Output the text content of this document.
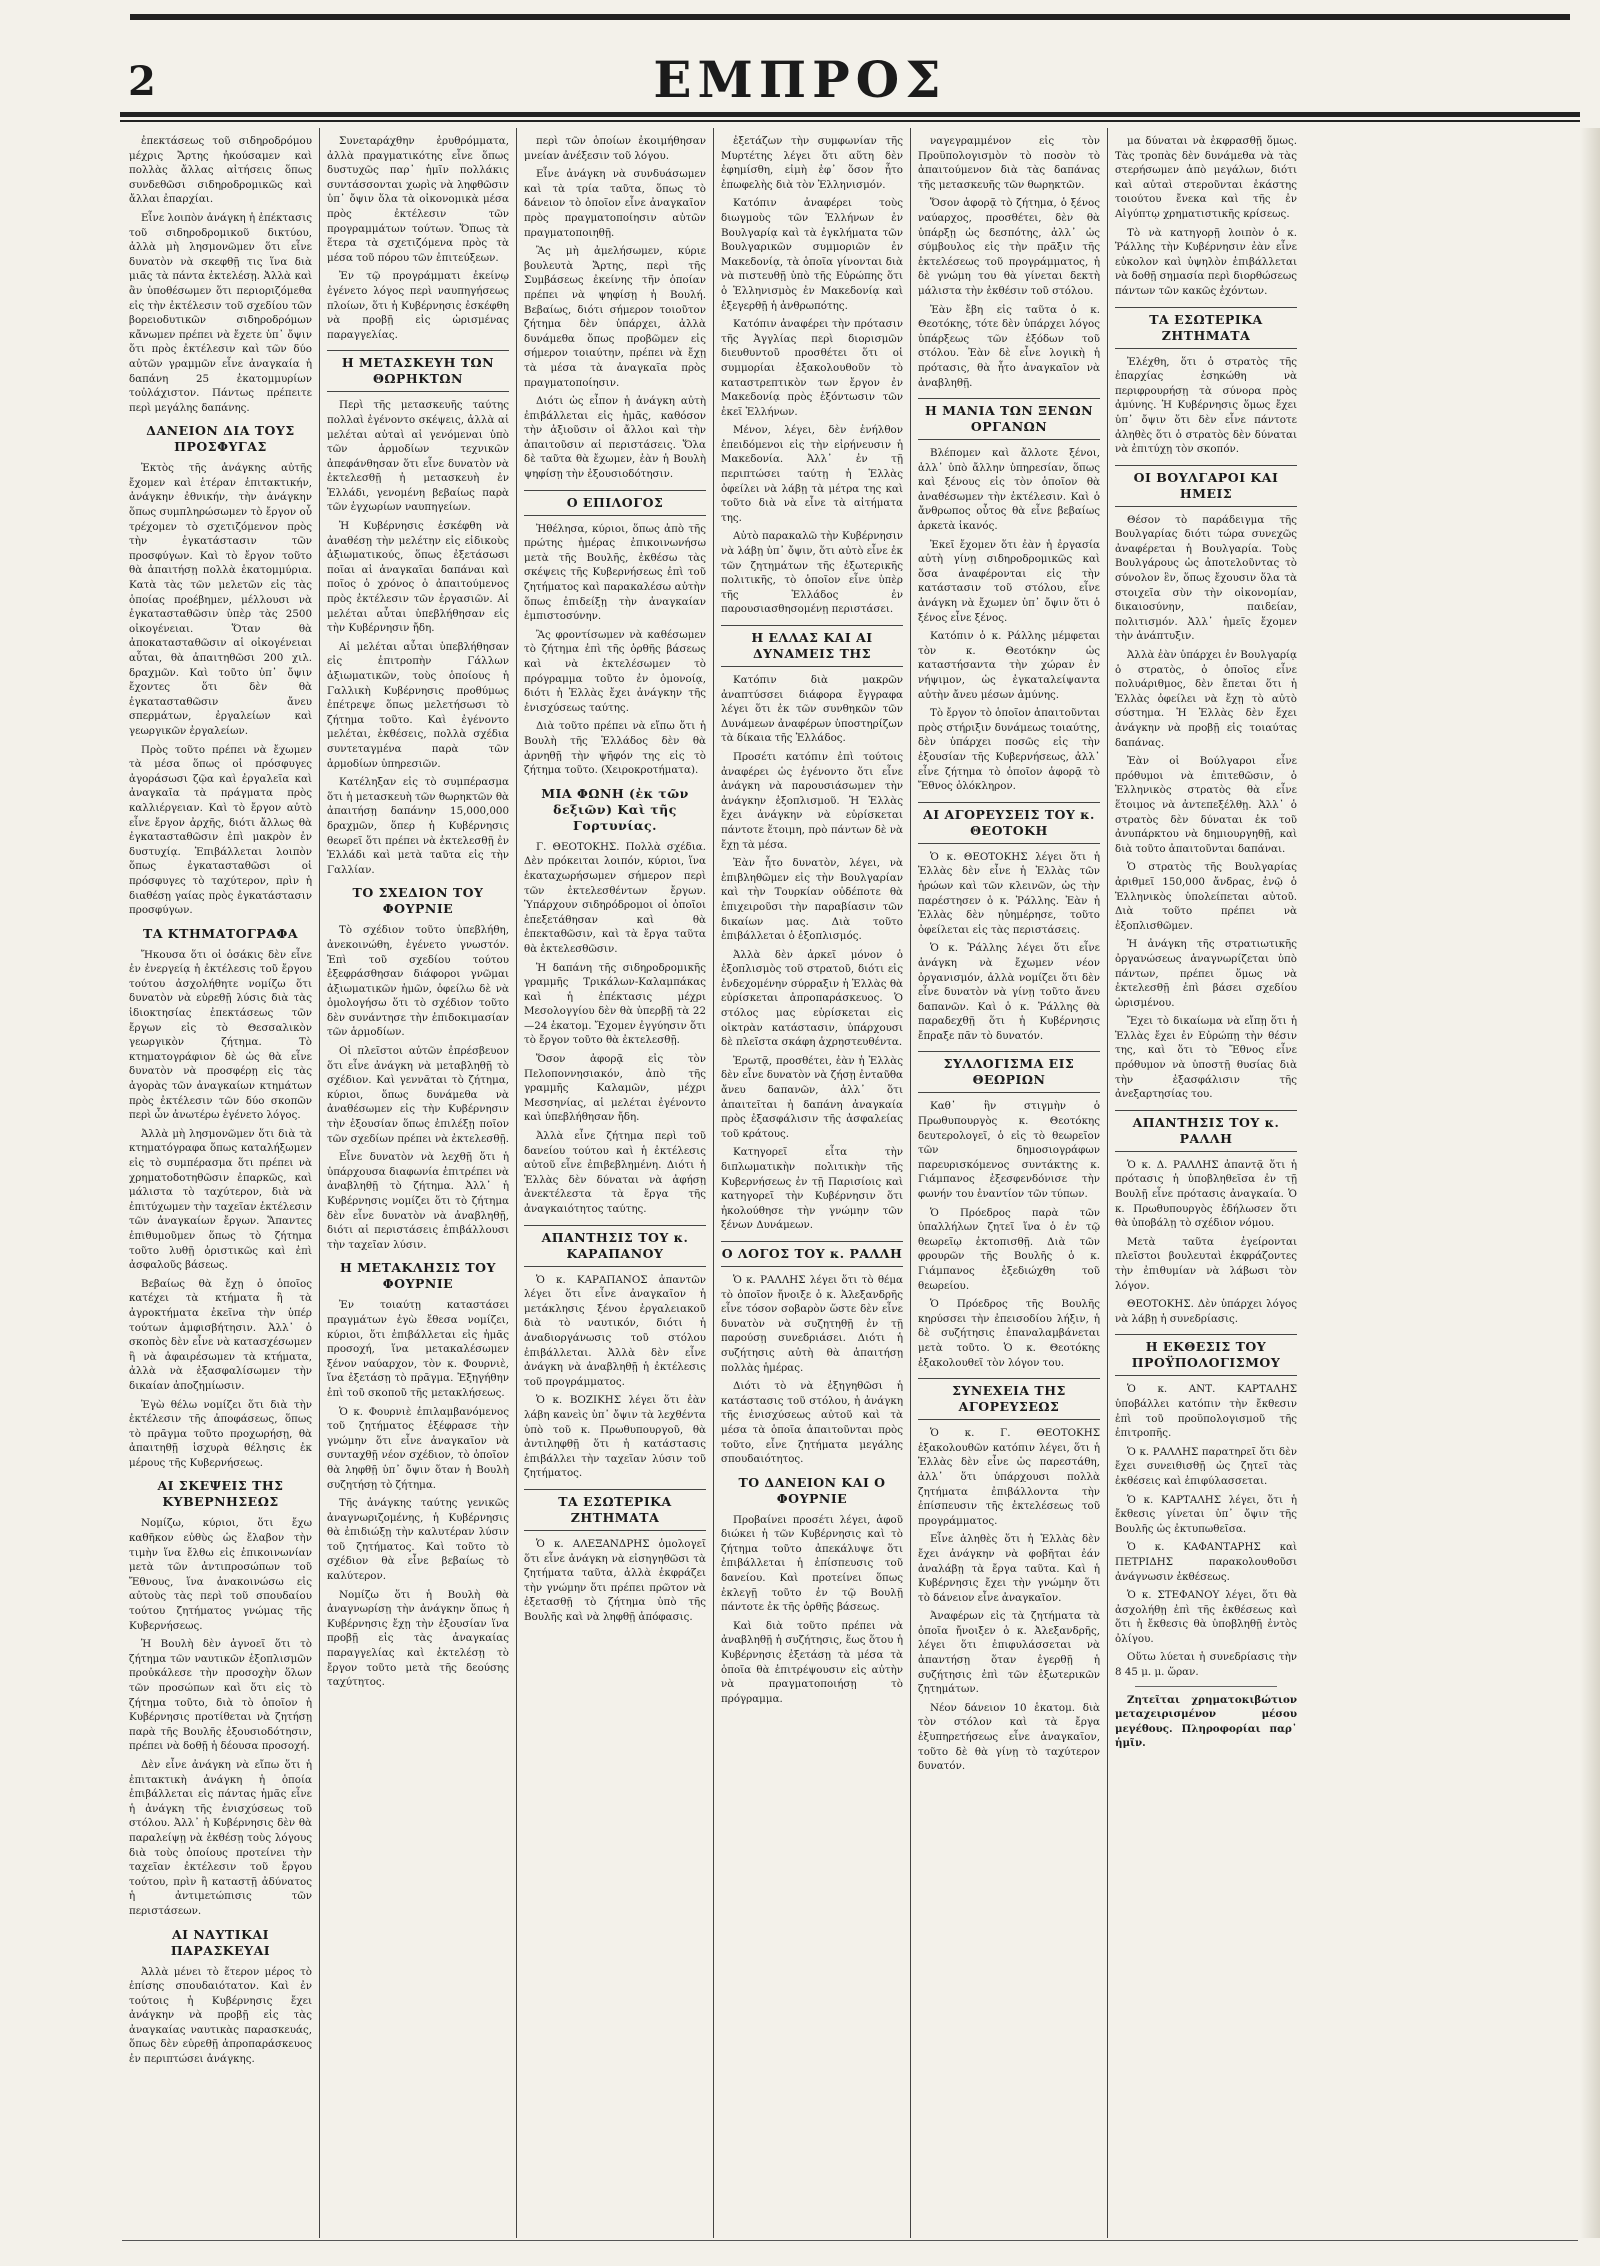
2	ΕΜΠΡΟΣ

ἐπεκτάσεως τοῦ σιδηροδρόμου μέχρις Ἄρτης ἠκούσαμεν καὶ πολλὰς ἄλλας αἰτήσεις ὅπως συνδεθῶσι σιδηροδρομικῶς καὶ ἄλλαι ἐπαρχίαι.

Εἶνε λοιπὸν ἀνάγκη ἡ ἐπέκτασις τοῦ σιδηροδρομικοῦ δικτύου, ἀλλὰ μὴ λησμονῶμεν ὅτι εἶνε δυνατὸν νὰ σκεφθῇ τις ἵνα διὰ μιᾶς τὰ πάντα ἐκτελέσῃ. Ἀλλὰ καὶ ἂν ὑποθέσωμεν ὅτι περιοριζόμεθα εἰς τὴν ἐκτέλεσιν τοῦ σχεδίου τῶν βορειοδυτικῶν σιδηροδρόμων κἄνωμεν πρέπει νὰ ἔχετε ὑπ᾽ ὄψιν ὅτι πρὸς ἐκτέλεσιν καὶ τῶν δύο αὐτῶν γραμμῶν εἶνε ἀναγκαία ἡ δαπάνη 25 ἑκατομμυρίων τοὐλάχιστον. Πάντως πρέπειτε περὶ μεγάλης δαπάνης.

ΔΑΝΕΙΟΝ ΔΙΑ ΤΟΥΣ ΠΡΟΣΦΥΓΑΣ

Ἐκτὸς τῆς ἀνάγκης αὐτῆς ἔχομεν καὶ ἑτέραν ἐπιτακτικήν, ἀνάγκην ἐθνικήν, τὴν ἀνάγκην ὅπως συμπληρώσωμεν τὸ ἔργον οὗ τρέχομεν τὸ σχετιζόμενον πρὸς τὴν ἐγκατάστασιν τῶν προσφύγων. Καὶ τὸ ἔργον τοῦτο θὰ ἀπαιτήσῃ πολλὰ ἑκατομμύρια. Κατὰ τὰς τῶν μελετῶν εἰς τὰς ὁποίας προέβημεν, μέλλουσι νὰ ἐγκατασταθῶσιν ὑπὲρ τὰς 2500 οἰκογένειαι. Ὅταν θὰ ἀποκατασταθῶσιν αἱ οἰκογένειαι αὗται, θὰ ἀπαιτηθῶσι 200 χιλ. δραχμῶν. Καὶ τοῦτο ὑπ᾽ ὄψιν ἔχοντες ὅτι δὲν θὰ ἐγκατασταθῶσιν ἄνευ σπερμάτων, ἐργαλείων καὶ γεωργικῶν ἐργαλείων.

Πρὸς τοῦτο πρέπει νὰ ἔχωμεν τὰ μέσα ὅπως οἱ πρόσφυγες ἀγοράσωσι ζῷα καὶ ἐργαλεῖα καὶ ἀναγκαῖα τὰ πράγματα πρὸς καλλιέργειαν. Καὶ τὸ ἔργον αὐτὸ εἶνε ἔργον ἀρχῆς, διότι ἄλλως θὰ ἐγκατασταθῶσιν ἐπὶ μακρὸν ἐν δυστυχίᾳ. Ἐπιβάλλεται λοιπὸν ὅπως ἐγκατασταθῶσι οἱ πρόσφυγες τὸ ταχύτερον, πρὶν ἡ διαθέσῃ γαίας πρὸς ἐγκατάστασιν προσφύγων.

ΤΑ ΚΤΗΜΑΤΟΓΡΑΦΑ

Ἤκουσα ὅτι οἱ ὁσάκις δὲν εἶνε ἐν ἐνεργείᾳ ἡ ἐκτέλεσις τοῦ ἔργου τούτου ἀσχολήθητε νομίζω ὅτι δυνατὸν νὰ εὑρεθῇ λύσις διὰ τὰς ἰδιοκτησίας ἐπεκτάσεως τῶν ἔργων εἰς τὸ Θεσσαλικὸν γεωργικὸν ζήτημα. Τὸ κτηματογράφιον δὲ ὡς θὰ εἶνε δυνατὸν νὰ προσφέρῃ εἰς τὰς ἀγορὰς τῶν ἀναγκαίων κτημάτων πρὸς ἐκτέλεσιν τῶν δύο σκοπῶν περὶ ὧν ἀνωτέρω ἐγένετο λόγος.

Ἀλλὰ μὴ λησμονῶμεν ὅτι διὰ τὰ κτηματόγραφα ὅπως καταλήξωμεν εἰς τὸ συμπέρασμα ὅτι πρέπει νὰ χρηματοδοτηθῶσιν ἐπαρκῶς, καὶ μάλιστα τὸ ταχύτερον, διὰ νὰ ἐπιτύχωμεν τὴν ταχεῖαν ἐκτέλεσιν τῶν ἀναγκαίων ἔργων. Ἅπαντες ἐπιθυμοῦμεν ὅπως τὸ ζήτημα τοῦτο λυθῇ ὁριστικῶς καὶ ἐπὶ ἀσφαλοῦς βάσεως.

Βεβαίως θὰ ἔχῃ ὁ ὁποῖος κατέχει τὰ κτήματα ἢ τὰ ἀγροκτήματα ἐκεῖνα τὴν ὑπέρ τούτων ἀμφισβήτησιν. Ἀλλ᾽ ὁ σκοπὸς δὲν εἶνε νὰ κατασχέσωμεν ἢ νὰ ἀφαιρέσωμεν τὰ κτήματα, ἀλλὰ νὰ ἐξασφαλίσωμεν τὴν δικαίαν ἀποζημίωσιν.

Ἐγὼ θέλω νομίζει ὅτι διὰ τὴν ἐκτέλεσιν τῆς ἀποφάσεως, ὅπως τὸ πρᾶγμα τοῦτο προχωρήσῃ, θὰ ἀπαιτηθῇ ἰσχυρὰ θέλησις ἐκ μέρους τῆς Κυβερνήσεως.

ΑΙ ΣΚΕΨΕΙΣ ΤΗΣ ΚΥΒΕΡΝΗΣΕΩΣ

Νομίζω, κύριοι, ὅτι ἔχω καθῆκον εὐθὺς ὡς ἔλαβον τὴν τιμὴν ἵνα ἔλθω εἰς ἐπικοινωνίαν μετὰ τῶν ἀντιπροσώπων τοῦ Ἔθνους, ἵνα ἀνακοινώσω εἰς αὐτοὺς τὰς περὶ τοῦ σπουδαίου τούτου ζητήματος γνώμας τῆς Κυβερνήσεως.

Ἡ Βουλὴ δὲν ἀγνοεῖ ὅτι τὸ ζήτημα τῶν ναυτικῶν ἐξοπλισμῶν προὐκάλεσε τὴν προσοχὴν ὅλων τῶν προσώπων καὶ ὅτι εἰς τὸ ζήτημα τοῦτο, διὰ τὸ ὁποῖον ἡ Κυβέρνησις προτίθεται νὰ ζητήσῃ παρὰ τῆς Βουλῆς ἐξουσιοδότησιν, πρέπει νὰ δοθῇ ἡ δέουσα προσοχή.

Δὲν εἶνε ἀνάγκη νὰ εἴπω ὅτι ἡ ἐπιτακτικὴ ἀνάγκη ἡ ὁποία ἐπιβάλλεται εἰς πάντας ἡμᾶς εἶνε ἡ ἀνάγκη τῆς ἐνισχύσεως τοῦ στόλου. Ἀλλ᾽ ἡ Κυβέρνησις δὲν θὰ παραλείψῃ νὰ ἐκθέσῃ τοὺς λόγους διὰ τοὺς ὁποίους προτείνει τὴν ταχεῖαν ἐκτέλεσιν τοῦ ἔργου τούτου, πρὶν ἢ καταστῇ ἀδύνατος ἡ ἀντιμετώπισις τῶν περιστάσεων.

ΑΙ ΝΑΥΤΙΚΑΙ ΠΑΡΑΣΚΕΥΑΙ

Ἀλλὰ μένει τὸ ἕτερον μέρος τὸ ἐπίσης σπουδαιότατον. Καὶ ἐν τούτοις ἡ Κυβέρνησις ἔχει ἀνάγκην νὰ προβῇ εἰς τὰς ἀναγκαίας ναυτικὰς παρασκευάς, ὅπως δὲν εὑρεθῇ ἀπροπαράσκευος ἐν περιπτώσει ἀνάγκης.

Συνεταράχθην ἐρυθρόμματα, ἀλλὰ πραγματικότης εἶνε ὅπως δυστυχῶς παρ᾽ ἡμῖν πολλάκις συντάσσονται χωρὶς νὰ ληφθῶσιν ὑπ᾽ ὄψιν ὅλα τὰ οἰκονομικὰ μέσα πρὸς ἐκτέλεσιν τῶν προγραμμάτων τούτων. Ὅπως τὰ ἕτερα τὰ σχετιζόμενα πρὸς τὰ μέσα τοῦ πόρου τῶν ἐπιτεύξεων.

Ἐν τῷ προγράμματι ἐκείνῳ ἐγένετο λόγος περὶ ναυπηγήσεως πλοίων, ὅτι ἡ Κυβέρνησις ἐσκέφθη νὰ προβῇ εἰς ὡρισμένας παραγγελίας.

Η ΜΕΤΑΣΚΕΥΗ ΤΩΝ ΘΩΡΗΚΤΩΝ

Περὶ τῆς μετασκευῆς ταύτης πολλαὶ ἐγένοντο σκέψεις, ἀλλὰ αἱ μελέται αὐταὶ αἱ γενόμεναι ὑπὸ τῶν ἁρμοδίων τεχνικῶν ἀπεφάνθησαν ὅτι εἶνε δυνατὸν νὰ ἐκτελεσθῇ ἡ μετασκευὴ ἐν Ἑλλάδι, γενομένη βεβαίως παρὰ τῶν ἐγχωρίων ναυπηγείων.

Ἡ Κυβέρνησις ἐσκέφθη νὰ ἀναθέσῃ τὴν μελέτην εἰς εἰδικοὺς ἀξιωματικούς, ὅπως ἐξετάσωσι ποῖαι αἱ ἀναγκαῖαι δαπάναι καὶ ποῖος ὁ χρόνος ὁ ἀπαιτούμενος πρὸς ἐκτέλεσιν τῶν ἐργασιῶν. Αἱ μελέται αὗται ὑπεβλήθησαν εἰς τὴν Κυβέρνησιν ἤδη.

Αἱ μελέται αὗται ὑπεβλήθησαν εἰς ἐπιτροπὴν Γάλλων ἀξιωματικῶν, τοὺς ὁποίους ἡ Γαλλικὴ Κυβέρνησις προθύμως ἐπέτρεψε ὅπως μελετήσωσι τὸ ζήτημα τοῦτο. Καὶ ἐγένοντο μελέται, ἐκθέσεις, πολλὰ σχέδια συντεταγμένα παρὰ τῶν ἁρμοδίων ὑπηρεσιῶν.

Κατέληξαν εἰς τὸ συμπέρασμα ὅτι ἡ μετασκευὴ τῶν θωρηκτῶν θὰ ἀπαιτήσῃ δαπάνην 15,000,000 δραχμῶν, ὅπερ ἡ Κυβέρνησις θεωρεῖ ὅτι πρέπει νὰ ἐκτελεσθῇ ἐν Ἑλλάδι καὶ μετὰ ταῦτα εἰς τὴν Γαλλίαν.

ΤΟ ΣΧΕΔΙΟΝ ΤΟΥ ΦΟΥΡΝΙΕ

Τὸ σχέδιον τοῦτο ὑπεβλήθη, ἀνεκοινώθη, ἐγένετο γνωστόν. Ἐπὶ τοῦ σχεδίου τούτου ἐξεφράσθησαν διάφοροι γνῶμαι ἀξιωματικῶν ἡμῶν, ὀφείλω δὲ νὰ ὁμολογήσω ὅτι τὸ σχέδιον τοῦτο δὲν συνάντησε τὴν ἐπιδοκιμασίαν τῶν ἁρμοδίων.

Οἱ πλεῖστοι αὐτῶν ἐπρέσβευον ὅτι εἶνε ἀνάγκη νὰ μεταβληθῇ τὸ σχέδιον. Καὶ γεννᾶται τὸ ζήτημα, κύριοι, ὅπως δυνάμεθα νὰ ἀναθέσωμεν εἰς τὴν Κυβέρνησιν τὴν ἐξουσίαν ὅπως ἐπιλέξῃ ποῖον τῶν σχεδίων πρέπει νὰ ἐκτελεσθῇ.

Εἶνε δυνατὸν νὰ λεχθῇ ὅτι ἡ ὑπάρχουσα διαφωνία ἐπιτρέπει νὰ ἀναβληθῇ τὸ ζήτημα. Ἀλλ᾽ ἡ Κυβέρνησις νομίζει ὅτι τὸ ζήτημα δὲν εἶνε δυνατὸν νὰ ἀναβληθῇ, διότι αἱ περιστάσεις ἐπιβάλλουσι τὴν ταχεῖαν λύσιν.

Η ΜΕΤΑΚΛΗΣΙΣ ΤΟΥ ΦΟΥΡΝΙΕ

Ἐν τοιαύτῃ καταστάσει πραγμάτων ἐγὼ ἔθεσα νομίζει, κύριοι, ὅτι ἐπιβάλλεται εἰς ἡμᾶς προσοχή, ἵνα μετακαλέσωμεν ξένον ναύαρχον, τὸν κ. Φουρνιὲ, ἵνα ἐξετάσῃ τὸ πρᾶγμα. Ἐξηγήθην ἐπὶ τοῦ σκοποῦ τῆς μετακλήσεως.

Ὁ κ. Φουρνιὲ ἐπιλαμβανόμενος τοῦ ζητήματος ἐξέφρασε τὴν γνώμην ὅτι εἶνε ἀναγκαῖον νὰ συνταχθῇ νέον σχέδιον, τὸ ὁποῖον θὰ ληφθῇ ὑπ᾽ ὄψιν ὅταν ἡ Βουλὴ συζητήσῃ τὸ ζήτημα.

Τῆς ἀνάγκης ταύτης γενικῶς ἀναγνωριζομένης, ἡ Κυβέρνησις θὰ ἐπιδιώξῃ τὴν καλυτέραν λύσιν τοῦ ζητήματος. Καὶ τοῦτο τὸ σχέδιον θὰ εἶνε βεβαίως τὸ καλύτερον.

Νομίζω ὅτι ἡ Βουλὴ θὰ ἀναγνωρίσῃ τὴν ἀνάγκην ὅπως ἡ Κυβέρνησις ἔχῃ τὴν ἐξουσίαν ἵνα προβῇ εἰς τὰς ἀναγκαίας παραγγελίας καὶ ἐκτελέσῃ τὸ ἔργον τοῦτο μετὰ τῆς δεούσης ταχύτητος.

περὶ τῶν ὁποίων ἐκοιμήθησαν μνείαν ἀνέξεσιν τοῦ λόγου.

Εἶνε ἀνάγκη νὰ συνδυάσωμεν καὶ τὰ τρία ταῦτα, ὅπως τὸ δάνειον τὸ ὁποῖον εἶνε ἀναγκαῖον πρὸς πραγματοποίησιν αὐτῶν πραγματοποιηθῇ.

Ἂς μὴ ἀμελήσωμεν, κύριε βουλευτὰ Ἄρτης, περὶ τῆς Συμβάσεως ἐκείνης τῆν ὁποίαν πρέπει νὰ ψηφίσῃ ἡ Βουλή. Βεβαίως, διότι σήμερον τοιοῦτον ζήτημα δὲν ὑπάρχει, ἀλλὰ δυνάμεθα ὅπως προβῶμεν εἰς σήμερον τοιαύτην, πρέπει νὰ ἔχῃ τὰ μέσα τὰ ἀναγκαῖα πρὸς πραγματοποίησιν.

Διότι ὡς εἶπον ἡ ἀνάγκη αὐτὴ ἐπιβάλλεται εἰς ἡμᾶς, καθόσον τὴν ἀξιοῦσιν οἱ ἄλλοι καὶ τὴν ἀπαιτοῦσιν αἱ περιστάσεις. Ὅλα δὲ ταῦτα θὰ ἔχωμεν, ἐὰν ἡ Βουλὴ ψηφίσῃ τὴν ἐξουσιοδότησιν.

Ο ΕΠΙΛΟΓΟΣ

Ἠθέλησα, κύριοι, ὅπως ἀπὸ τῆς πρώτης ἡμέρας ἐπικοινωνήσω μετὰ τῆς Βουλῆς, ἐκθέσω τὰς σκέψεις τῆς Κυβερνήσεως ἐπὶ τοῦ ζητήματος καὶ παρακαλέσω αὐτὴν ὅπως ἐπιδείξῃ τὴν ἀναγκαίαν ἐμπιστοσύνην.

Ἂς φροντίσωμεν νὰ καθέσωμεν τὸ ζήτημα ἐπὶ τῆς ὀρθῆς βάσεως καὶ νὰ ἐκτελέσωμεν τὸ πρόγραμμα τοῦτο ἐν ὁμονοίᾳ, διότι ἡ Ἑλλὰς ἔχει ἀνάγκην τῆς ἐνισχύσεως ταύτης.

Διὰ τοῦτο πρέπει νὰ εἴπω ὅτι ἡ Βουλὴ τῆς Ἑλλάδος δὲν θὰ ἀρνηθῇ τὴν ψῆφόν της εἰς τὸ ζήτημα τοῦτο. (Χειροκροτήματα).

ΜΙΑ ΦΩΝΗ (ἐκ τῶν δεξιῶν) Καὶ τῆς Γορτυνίας.

Γ. ΘΕΟΤΟΚΗΣ. Πολλὰ σχέδια. Δὲν πρόκειται λοιπόν, κύριοι, ἵνα ἐκαταχωρήσωμεν σήμερον περὶ τῶν ἐκτελεσθέντων ἔργων. Ὑπάρχουν σιδηρόδρομοι οἱ ὁποῖοι ἐπεξετάθησαν καὶ θὰ ἐπεκταθῶσιν, καὶ τὰ ἔργα ταῦτα θὰ ἐκτελεσθῶσιν.

Ἡ δαπάνη τῆς σιδηροδρομικῆς γραμμῆς Τρικάλων-Καλαμπάκας καὶ ἡ ἐπέκτασις μέχρι Μεσολογγίου δὲν θὰ ὑπερβῇ τὰ 22—24 ἑκατομ. Ἔχομεν ἐγγύησιν ὅτι τὸ ἔργον τοῦτο θὰ ἐκτελεσθῇ.

Ὅσον ἀφορᾷ εἰς τὸν Πελοποννησιακόν, ἀπὸ τῆς γραμμῆς Καλαμῶν, μέχρι Μεσσηνίας, αἱ μελέται ἐγένοντο καὶ ὑπεβλήθησαν ἤδη.

Ἀλλὰ εἶνε ζήτημα περὶ τοῦ δανείου τούτου καὶ ἡ ἐκτέλεσις αὐτοῦ εἶνε ἐπιβεβλημένη. Διότι ἡ Ἑλλὰς δὲν δύναται νὰ ἀφήσῃ ἀνεκτέλεστα τὰ ἔργα τῆς ἀναγκαιότητος ταύτης.

ΑΠΑΝΤΗΣΙΣ ΤΟΥ κ. ΚΑΡΑΠΑΝΟΥ

Ὁ κ. ΚΑΡΑΠΑΝΟΣ ἀπαντῶν λέγει ὅτι εἶνε ἀναγκαῖον ἡ μετάκλησις ξένου ἐργαλειακοῦ διὰ τὸ ναυτικόν, διότι ἡ ἀναδιοργάνωσις τοῦ στόλου ἐπιβάλλεται. Ἀλλὰ δὲν εἶνε ἀνάγκη νὰ ἀναβληθῇ ἡ ἐκτέλεσις τοῦ προγράμματος.

Ὁ κ. ΒΟΖΙΚΗΣ λέγει ὅτι ἐὰν λάβη κανεὶς ὑπ᾽ ὄψιν τὰ λεχθέντα ὑπὸ τοῦ κ. Πρωθυπουργοῦ, θὰ ἀντιληφθῇ ὅτι ἡ κατάστασις ἐπιβάλλει τὴν ταχεῖαν λύσιν τοῦ ζητήματος.

ΤΑ ΕΣΩΤΕΡΙΚΑ ΖΗΤΗΜΑΤΑ

Ὁ κ. ΑΛΕΞΑΝΔΡΗΣ ὁμολογεῖ ὅτι εἶνε ἀνάγκη νὰ εἰσηγηθῶσι τὰ ζητήματα ταῦτα, ἀλλὰ ἐκφράζει τὴν γνώμην ὅτι πρέπει πρῶτον νὰ ἐξετασθῇ τὸ ζήτημα ὑπὸ τῆς Βουλῆς καὶ νὰ ληφθῇ ἀπόφασις.

ἐξετάζων τὴν συμφωνίαν τῆς Μυρτέτης λέγει ὅτι αὕτη δὲν ἐφημίσθη, εἰμὴ ἐφ᾽ ὅσον ἦτο ἐπωφελὴς διὰ τὸν Ἑλληνισμόν.

Κατόπιν ἀναφέρει τοὺς διωγμοὺς τῶν Ἑλλήνων ἐν Βουλγαρίᾳ καὶ τὰ ἐγκλήματα τῶν Βουλγαρικῶν συμμοριῶν ἐν Μακεδονίᾳ, τὰ ὁποῖα γίνονται διὰ νὰ πιστευθῇ ὑπὸ τῆς Εὐρώπης ὅτι ὁ Ἑλληνισμὸς ἐν Μακεδονίᾳ καὶ ἐξεγερθῇ ἡ ἀνθρωπότης.

Κατόπιν ἀναφέρει τὴν πρότασιν τῆς Ἀγγλίας περὶ διορισμῶν διευθυντοῦ προσθέτει ὅτι οἱ συμμορίαι ἐξακολουθοῦν τὸ καταστρεπτικὸν των ἔργον ἐν Μακεδονίᾳ πρὸς ἐξόντωσιν τῶν ἐκεῖ Ἑλλήνων.

Μένον, λέγει, δὲν ἐνήλθον ἐπειδόμενοι εἰς τὴν εἰρήνευσιν ἡ Μακεδονία. Ἀλλ᾽ ἐν τῇ περιπτώσει ταύτῃ ἡ Ἑλλὰς ὀφείλει νὰ λάβῃ τὰ μέτρα της καὶ τοῦτο διὰ νὰ εἶνε τὰ αἰτήματα της.

Αὐτὸ παρακαλῶ τὴν Κυβέρνησιν νὰ λάβῃ ὑπ᾽ ὄψιν, ὅτι αὐτὸ εἶνε ἐκ τῶν ζητημάτων τῆς ἐξωτερικῆς πολιτικῆς, τὸ ὁποῖον εἶνε ὑπὲρ τῆς Ἑλλάδος ἐν παρουσιασθησομένῃ περιστάσει.

Η ΕΛΛΑΣ ΚΑΙ ΑΙ ΔΥΝΑΜΕΙΣ ΤΗΣ

Κατόπιν διὰ μακρῶν ἀναπτύσσει διάφορα ἔγγραφα λέγει ὅτι ἐκ τῶν συνθηκῶν τῶν Δυνάμεων ἀναφέρων ὑποστηρίζων τὰ δίκαια τῆς Ἑλλάδος.

Προσέτι κατόπιν ἐπὶ τούτοις ἀναφέρει ὡς ἐγένοντο ὅτι εἶνε ἀνάγκη νὰ παρουσιάσωμεν τὴν ἀνάγκην ἐξοπλισμοῦ. Ἡ Ἑλλὰς ἔχει ἀνάγκην νὰ εὑρίσκεται πάντοτε ἕτοιμη, πρὸ πάντων δὲ νὰ ἔχῃ τὰ μέσα.

Ἐὰν ἦτο δυνατὸν, λέγει, νὰ ἐπιβληθῶμεν εἰς τὴν Βουλγαρίαν καὶ τὴν Τουρκίαν οὐδέποτε θὰ ἐπιχειροῦσι τὴν παραβίασιν τῶν δικαίων μας. Διὰ τοῦτο ἐπιβάλλεται ὁ ἐξοπλισμός.

Ἀλλὰ δὲν ἀρκεῖ μόνον ὁ ἐξοπλισμὸς τοῦ στρατοῦ, διότι εἰς ἐνδεχομένην σύρραξιν ἡ Ἑλλὰς θὰ εὑρίσκεται ἀπροπαράσκευος. Ὁ στόλος μας εὑρίσκεται εἰς οἰκτρὰν κατάστασιν, ὑπάρχουσι δὲ πλεῖστα σκάφη ἀχρηστευθέντα.

Ἐρωτᾷ, προσθέτει, ἐὰν ἡ Ἑλλὰς δὲν εἶνε δυνατὸν νὰ ζήσῃ ἐνταῦθα ἄνευ δαπανῶν, ἀλλ᾽ ὅτι ἀπαιτεῖται ἡ δαπάνη ἀναγκαία πρὸς ἐξασφάλισιν τῆς ἀσφαλείας τοῦ κράτους.

Κατηγορεῖ εἶτα τὴν διπλωματικὴν πολιτικὴν τῆς Κυβερνήσεως ἐν τῇ Παρισίοις καὶ κατηγορεῖ τὴν Κυβέρνησιν ὅτι ἠκολούθησε τὴν γνώμην τῶν ξένων Δυνάμεων.

Ο ΛΟΓΟΣ ΤΟΥ κ. ΡΑΛΛΗ

Ὁ κ. ΡΑΛΛΗΣ λέγει ὅτι τὸ θέμα τὸ ὁποῖον ἤνοιξε ὁ κ. Ἀλεξανδρῆς εἶνε τόσον σοβαρὸν ὥστε δὲν εἶνε δυνατὸν νὰ συζητηθῇ ἐν τῇ παρούσῃ συνεδριάσει. Διότι ἡ συζήτησις αὐτὴ θὰ ἀπαιτήσῃ πολλὰς ἡμέρας.

Διότι τὸ νὰ ἐξηγηθῶσι ἡ κατάστασις τοῦ στόλου, ἡ ἀνάγκη τῆς ἐνισχύσεως αὐτοῦ καὶ τὰ μέσα τὰ ὁποῖα ἀπαιτοῦνται πρὸς τοῦτο, εἶνε ζητήματα μεγάλης σπουδαιότητος.

ΤΟ ΔΑΝΕΙΟΝ ΚΑΙ Ο ΦΟΥΡΝΙΕ

Προβαίνει προσέτι λέγει, ἀφοῦ διώκει ἡ τῶν Κυβέρνησις καὶ τὸ ζήτημα τοῦτο ἀπεκάλυψε ὅτι ἐπιβάλλεται ἡ ἐπίσπευσις τοῦ δανείου. Καὶ προτείνει ὅπως ἐκλεγῇ τοῦτο ἐν τῷ Βουλῇ πάντοτε ἐκ τῆς ὀρθῆς βάσεως.

Καὶ διὰ τοῦτο πρέπει νὰ ἀναβληθῇ ἡ συζήτησις, ἕως ὅτου ἡ Κυβέρνησις ἐξετάσῃ τὰ μέσα τὰ ὁποῖα θὰ ἐπιτρέψουσιν εἰς αὐτὴν νὰ πραγματοποιήσῃ τὸ πρόγραμμα.

ναγεγραμμένον εἰς τὸν Προϋπολογισμὸν τὸ ποσὸν τὸ ἀπαιτούμενον διὰ τὰς δαπάνας τῆς μετασκευῆς τῶν θωρηκτῶν.

Ὅσον ἀφορᾷ τὸ ζήτημα, ὁ ξένος ναύαρχος, προσθέτει, δὲν θὰ ὑπάρξῃ ὡς δεσπότης, ἀλλ᾽ ὡς σύμβουλος εἰς τὴν πρᾶξιν τῆς ἐκτελέσεως τοῦ προγράμματος, ἡ δὲ γνώμη του θὰ γίνεται δεκτὴ μάλιστα τὴν ἐκθέσιν τοῦ στόλου.

Ἐὰν ἔβη εἰς ταῦτα ὁ κ. Θεοτόκης, τότε δὲν ὑπάρχει λόγος ὑπάρξεως τῶν ἐξόδων τοῦ στόλου. Ἐὰν δὲ εἶνε λογικὴ ἡ πρότασις, θὰ ἦτο ἀναγκαῖον νὰ ἀναβληθῇ.

Η ΜΑΝΙΑ ΤΩΝ ΞΕΝΩΝ ΟΡΓΑΝΩΝ

Βλέπομεν καὶ ἄλλοτε ξένοι, ἀλλ᾽ ὑπὸ ἄλλην ὑπηρεσίαν, ὅπως καὶ ξένους εἰς τὸν ὁποῖον θὰ ἀναθέσωμεν τὴν ἐκτέλεσιν. Καὶ ὁ ἄνθρωπος οὗτος θὰ εἶνε βεβαίως ἀρκετὰ ἱκανός.

Ἐκεῖ ἔχομεν ὅτι ἐὰν ἡ ἐργασία αὐτὴ γίνῃ σιδηροδρομικῶς καὶ ὅσα ἀναφέρονται εἰς τὴν κατάστασιν τοῦ στόλου, εἶνε ἀνάγκη νὰ ἔχωμεν ὑπ᾽ ὄψιν ὅτι ὁ ξένος εἶνε ξένος.

Κατόπιν ὁ κ. Ράλλης μέμφεται τὸν κ. Θεοτόκην ὡς καταστήσαντα τὴν χώραν ἐν νήψιμον, ὡς ἐγκαταλείψαντα αὐτὴν ἄνευ μέσων ἀμύνης.

Τὸ ἔργον τὸ ὁποῖον ἀπαιτοῦνται πρὸς στήριξιν δυνάμεως τοιαύτης, δὲν ὑπάρχει ποσῶς εἰς τὴν ἐξουσίαν τῆς Κυβερνήσεως, ἀλλ᾽ εἶνε ζήτημα τὸ ὁποῖον ἀφορᾷ τὸ Ἔθνος ὁλόκληρον.

ΑΙ ΑΓΟΡΕΥΣΕΙΣ ΤΟΥ κ. ΘΕΟΤΟΚΗ

Ὁ κ. ΘΕΟΤΟΚΗΣ λέγει ὅτι ἡ Ἑλλὰς δὲν εἶνε ἡ Ἑλλὰς τῶν ἡρώων καὶ τῶν κλεινῶν, ὡς τὴν παρέστησεν ὁ κ. Ῥάλλης. Ἐὰν ἡ Ἑλλὰς δὲν ηὐημέρησε, τοῦτο ὀφείλεται εἰς τὰς περιστάσεις.

Ὁ κ. Ῥάλλης λέγει ὅτι εἶνε ἀνάγκη νὰ ἔχωμεν νέον ὀργανισμόν, ἀλλὰ νομίζει ὅτι δὲν εἶνε δυνατὸν νὰ γίνῃ τοῦτο ἄνευ δαπανῶν. Καὶ ὁ κ. Ῥάλλης θὰ παραδεχθῇ ὅτι ἡ Κυβέρνησις ἔπραξε πᾶν τὸ δυνατόν.

ΣΥΛΛΟΓΙΣΜΑ ΕΙΣ ΘΕΩΡΙΩΝ

Καθ᾽ ἣν στιγμὴν ὁ Πρωθυπουργὸς κ. Θεοτόκης δευτερολογεῖ, ὁ εἰς τὸ θεωρεῖον τῶν δημοσιογράφων παρευρισκόμενος συντάκτης κ. Γιάμπανος ἐξεσφενδόνισε τὴν φωνήν του ἐναντίον τῶν τύπων.

Ὁ Πρόεδρος παρὰ τῶν ὑπαλλήλων ζητεῖ ἵνα ὁ ἐν τῷ θεωρεῖῳ ἐκτοπισθῇ. Διὰ τῶν φρουρῶν τῆς Βουλῆς ὁ κ. Γιάμπανος ἐξεδιώχθη τοῦ θεωρείου.

Ὁ Πρόεδρος τῆς Βουλῆς κηρύσσει τὴν ἐπεισοδίου λήξιν, ἡ δὲ συζήτησις ἐπαναλαμβάνεται μετὰ τοῦτο. Ὁ κ. Θεοτόκης ἐξακολουθεῖ τὸν λόγον του.

ΣΥΝΕΧΕΙΑ ΤΗΣ ΑΓΟΡΕΥΣΕΩΣ

Ὁ κ. Γ. ΘΕΟΤΟΚΗΣ ἐξακολουθῶν κατόπιν λέγει, ὅτι ἡ Ἑλλὰς δὲν εἶνε ὡς παρεστάθη, ἀλλ᾽ ὅτι ὑπάρχουσι πολλὰ ζητήματα ἐπιβάλλοντα τὴν ἐπίσπευσιν τῆς ἐκτελέσεως τοῦ προγράμματος.

Εἶνε ἀληθὲς ὅτι ἡ Ἑλλὰς δὲν ἔχει ἀνάγκην νὰ φοβῆται ἐάν ἀναλάβῃ τὰ ἔργα ταῦτα. Καὶ ἡ Κυβέρνησις ἔχει τὴν γνώμην ὅτι τὸ δάνειον εἶνε ἀναγκαῖον.

Ἀναφέρων εἰς τὰ ζητήματα τὰ ὁποῖα ἤνοιξεν ὁ κ. Ἀλεξανδρῆς, λέγει ὅτι ἐπιφυλάσσεται νὰ ἀπαντήσῃ ὅταν ἐγερθῇ ἡ συζήτησις ἐπὶ τῶν ἐξωτερικῶν ζητημάτων.

Νέον δάνειον 10 ἑκατομ. διὰ τὸν στόλον καὶ τὰ ἔργα ἐξυπηρετήσεως εἶνε ἀναγκαῖον, τοῦτο δὲ θὰ γίνῃ τὸ ταχύτερον δυνατόν.

μα δύναται νὰ ἐκφρασθῇ ὅμως. Τὰς τροπὰς δὲν δυνάμεθα νὰ τὰς στερήσωμεν ἀπὸ μεγάλων, διότι καὶ αὐταὶ στεροῦνται ἑκάστης τοιούτου ἔνεκα καὶ τῆς ἐν Αἰγύπτῳ χρηματιστικῆς κρίσεως.

Τὸ νὰ κατηγορῇ λοιπὸν ὁ κ. Ῥάλλης τὴν Κυβέρνησιν ἐὰν εἶνε εὐκολον καὶ ὑψηλὸν ἐπιβάλλεται νὰ δοθῇ σημασία περὶ διορθώσεως πάντων τῶν κακῶς ἐχόντων.

ΤΑ ΕΣΩΤΕΡΙΚΑ ΖΗΤΗΜΑΤΑ

Ἐλέχθη, ὅτι ὁ στρατὸς τῆς ἐπαρχίας ἐσηκώθη νὰ περιφρουρήσῃ τὰ σύνορα πρὸς ἀμύνης. Ἡ Κυβέρνησις ὅμως ἔχει ὑπ᾽ ὄψιν ὅτι δὲν εἶνε πάντοτε ἀληθὲς ὅτι ὁ στρατὸς δὲν δύναται νὰ ἐπιτύχῃ τὸν σκοπόν.

ΟΙ ΒΟΥΛΓΑΡΟΙ ΚΑΙ ΗΜΕΙΣ

Θέσον τὸ παράδειγμα τῆς Βουλγαρίας διότι τώρα συνεχῶς ἀναφέρεται ἡ Βουλγαρία. Τοὺς Βουλγάρους ὡς ἀποτελοῦντας τὸ σύνολον ἓν, ὅπως ἔχουσιν ὅλα τὰ στοιχεῖα σὺν τὴν οἰκονομίαν, δικαιοσύνην, παιδείαν, πολιτισμόν. Ἀλλ᾽ ἡμεῖς ἔχομεν τὴν ἀνάπτυξιν.

Ἀλλὰ ἐὰν ὑπάρχει ἐν Βουλγαρίᾳ ὁ στρατὸς, ὁ ὁποῖος εἶνε πολυάριθμος, δὲν ἔπεται ὅτι ἡ Ἑλλὰς ὀφείλει νὰ ἔχῃ τὸ αὐτὸ σύστημα. Ἡ Ἑλλὰς δὲν ἔχει ἀνάγκην νὰ προβῇ εἰς τοιαύτας δαπάνας.

Ἐὰν οἱ Βούλγαροι εἶνε πρόθυμοι νὰ ἐπιτεθῶσιν, ὁ Ἑλληνικὸς στρατὸς θὰ εἶνε ἕτοιμος νὰ ἀντεπεξέλθῃ. Ἀλλ᾽ ὁ στρατὸς δὲν δύναται ἐκ τοῦ ἀνυπάρκτου νὰ δημιουργηθῇ, καὶ διὰ τοῦτο ἀπαιτοῦνται δαπάναι.

Ὁ στρατὸς τῆς Βουλγαρίας ἀριθμεῖ 150,000 ἄνδρας, ἐνῷ ὁ Ἑλληνικὸς ὑπολείπεται αὐτοῦ. Διὰ τοῦτο πρέπει νὰ ἐξοπλισθῶμεν.

Ἡ ἀνάγκη τῆς στρατιωτικῆς ὀργανώσεως ἀναγνωρίζεται ὑπὸ πάντων, πρέπει ὅμως νὰ ἐκτελεσθῇ ἐπὶ βάσει σχεδίου ὡρισμένου.

Ἔχει τὸ δικαίωμα νὰ εἴπῃ ὅτι ἡ Ἑλλὰς ἔχει ἐν Εὐρώπῃ τὴν θέσιν της, καὶ ὅτι τὸ Ἔθνος εἶνε πρόθυμον νὰ ὑποστῇ θυσίας διὰ τὴν ἐξασφάλισιν τῆς ἀνεξαρτησίας του.

ΑΠΑΝΤΗΣΙΣ ΤΟΥ κ. ΡΑΛΛΗ

Ὁ κ. Δ. ΡΑΛΛΗΣ ἀπαντᾷ ὅτι ἡ πρότασις ἡ ὑποβληθεῖσα ἐν τῇ Βουλῇ εἶνε πρότασις ἀναγκαία. Ὁ κ. Πρωθυπουργὸς ἐδήλωσεν ὅτι θὰ ὑποβάλῃ τὸ σχέδιον νόμου.

Μετὰ ταῦτα ἐγείρονται πλεῖστοι βουλευταὶ ἐκφράζοντες τὴν ἐπιθυμίαν νὰ λάβωσι τὸν λόγον.

ΘΕΟΤΟΚΗΣ. Δὲν ὑπάρχει λόγος νὰ λάβῃ ἡ συνεδρίασις.

Η ΕΚΘΕΣΙΣ ΤΟΥ ΠΡΟΫΠΟΛΟΓΙΣΜΟΥ

Ὁ κ. ΑΝΤ. ΚΑΡΤΑΛΗΣ ὑποβάλλει κατόπιν τὴν ἔκθεσιν ἐπὶ τοῦ προϋπολογισμοῦ τῆς ἐπιτροπῆς.

Ὁ κ. ΡΑΛΛΗΣ παρατηρεῖ ὅτι δὲν ἔχει συνειθισθῇ ὡς ζητεῖ τὰς ἐκθέσεις καὶ ἐπιφύλασσεται.

Ὁ κ. ΚΑΡΤΑΛΗΣ λέγει, ὅτι ἡ ἔκθεσις γίνεται ὑπ᾽ ὄψιν τῆς Βουλῆς ὡς ἐκτυπωθεῖσα.

Ὁ κ. ΚΑΦΑΝΤΑΡΗΣ καὶ ΠΕΤΡΙΔΗΣ παρακολουθοῦσι ἀνάγνωσιν ἐκθέσεως.

Ὁ κ. ΣΤΕΦΑΝΟΥ λέγει, ὅτι θὰ ἀσχολήθῃ ἐπὶ τῆς ἐκθέσεως καὶ ὅτι ἡ ἔκθεσις θὰ ὑποβληθῇ ἐντὸς ὀλίγου.

Οὕτω λύεται ἡ συνεδρίασις τὴν 8 45 μ. μ. ὥραν.

Ζητεῖται χρηματοκιβώτιον μεταχειρισμένον μέσου μεγέθους. Πληροφορίαι παρ᾽ ἡμῖν.
